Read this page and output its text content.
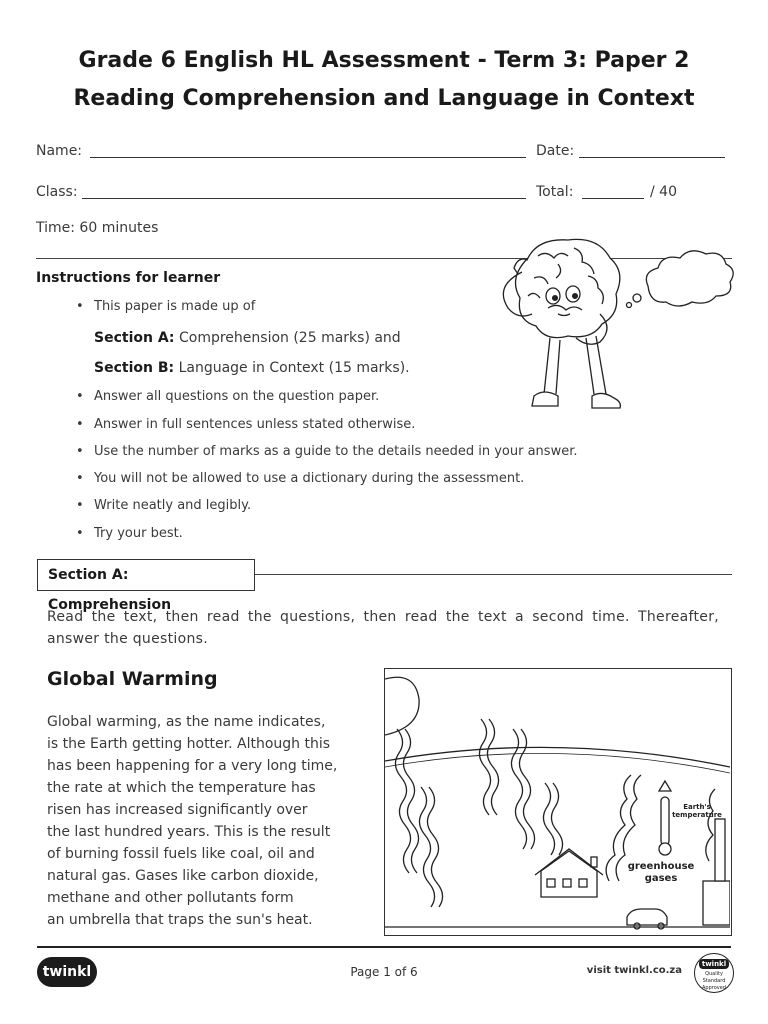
Grade 6 English HL Assessment - Term 3: Paper 2
Reading Comprehension and Language in Context
Name:	Date:
Class:	Total:	/ 40
Time: 60 minutes
Instructions for learner
• This paper is made up of
Section A: Comprehension (25 marks) and
Section B: Language in Context (15 marks).
• Answer all questions on the question paper.
• Answer in full sentences unless stated otherwise.
• Use the number of marks as a guide to the details needed in your answer.
• You will not be allowed to use a dictionary during the assessment.
• Write neatly and legibly.
• Try your best.
Section A: Comprehension
Read the text, then read the questions, then read the text a second time. Thereafter, answer the questions.
Global Warming
Global warming, as the name indicates,
is the Earth getting hotter. Although this
has been happening for a very long time,
the rate at which the temperature has
risen has increased significantly over
the last hundred years. This is the result
of burning fossil fuels like coal, oil and
natural gas. Gases like carbon dioxide,
methane and other pollutants form
an umbrella that traps the sun's heat.
Earth's
temperature
greenhouse
gases
twinkl	Page 1 of 6	visit twinkl.co.za
twinkl
Quality Standard
Approved
